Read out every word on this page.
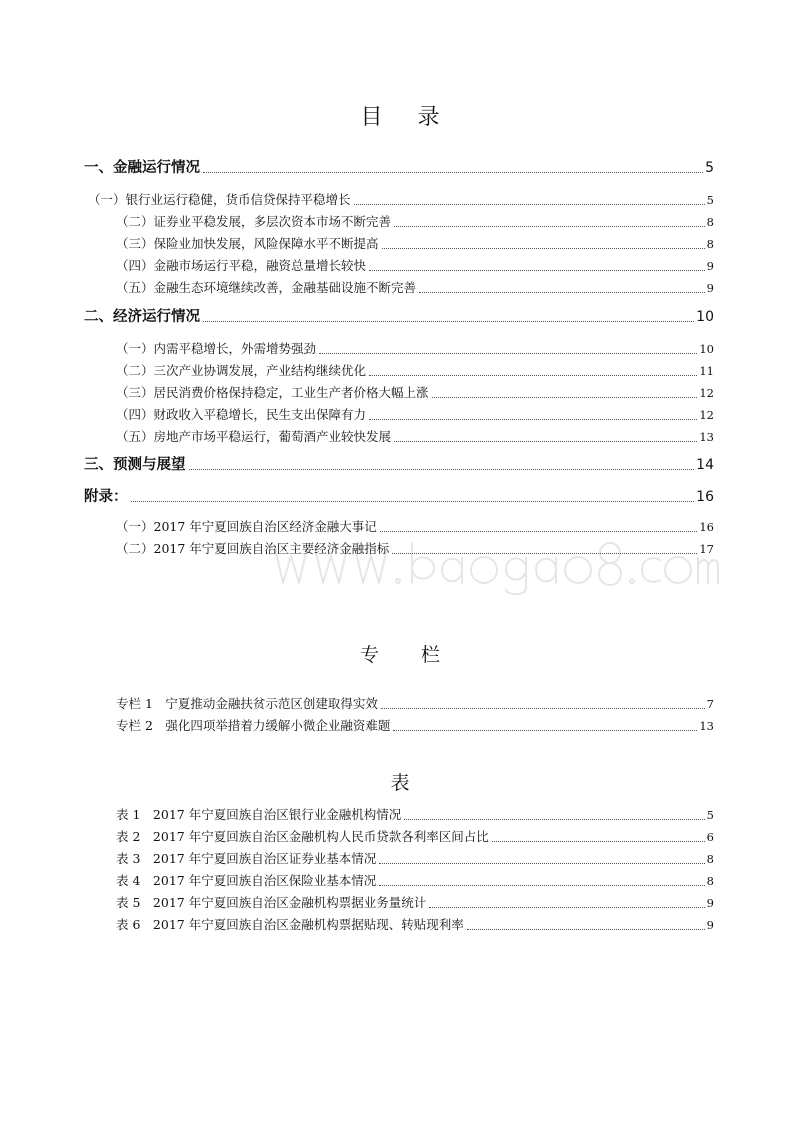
目 录
一、金融运行情况	5
（一）银行业运行稳健，货币信贷保持平稳增长	5
（二）证券业平稳发展，多层次资本市场不断完善	8
（三）保险业加快发展，风险保障水平不断提高	8
（四）金融市场运行平稳，融资总量增长较快	9
（五）金融生态环境继续改善，金融基础设施不断完善	9
二、经济运行情况	10
（一）内需平稳增长，外需增势强劲	10
（二）三次产业协调发展，产业结构继续优化	11
（三）居民消费价格保持稳定，工业生产者价格大幅上涨	12
（四）财政收入平稳增长，民生支出保障有力	12
（五）房地产市场平稳运行，葡萄酒产业较快发展	13
三、预测与展望	14
附录：	16
（一）2017 年宁夏回族自治区经济金融大事记	16
（二）2017 年宁夏回族自治区主要经济金融指标	17
专 栏
专栏 1　宁夏推动金融扶贫示范区创建取得实效	7
专栏 2　强化四项举措着力缓解小微企业融资难题	13
表
表 1　2017 年宁夏回族自治区银行业金融机构情况	5
表 2　2017 年宁夏回族自治区金融机构人民币贷款各利率区间占比	6
表 3　2017 年宁夏回族自治区证券业基本情况	8
表 4　2017 年宁夏回族自治区保险业基本情况	8
表 5　2017 年宁夏回族自治区金融机构票据业务量统计	9
表 6　2017 年宁夏回族自治区金融机构票据贴现、转贴现利率	9
